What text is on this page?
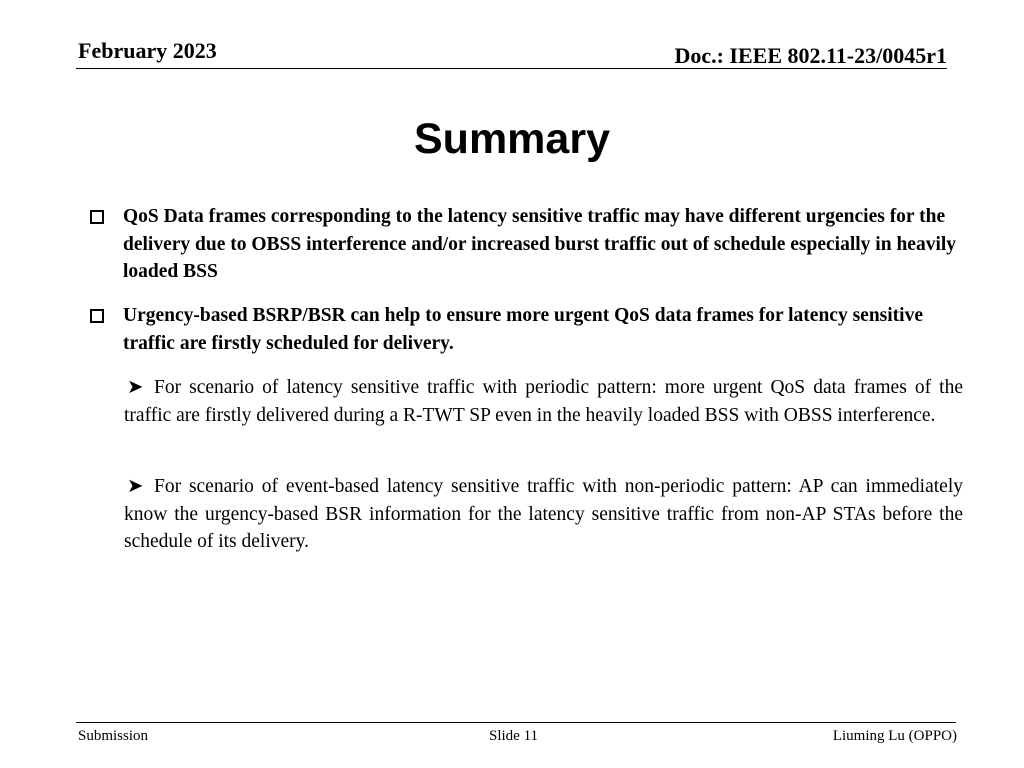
February 2023	Doc.: IEEE 802.11-23/0045r1
Summary
QoS Data frames corresponding to the latency sensitive traffic may have different urgencies for the delivery due to OBSS interference and/or increased burst traffic out of schedule especially in heavily loaded BSS
Urgency-based BSRP/BSR can help to ensure more urgent QoS data frames for latency sensitive traffic are firstly scheduled for delivery.
➤ For scenario of latency sensitive traffic with periodic pattern: more urgent QoS data frames of the traffic are firstly delivered during a R-TWT SP even in the heavily loaded BSS with OBSS interference.
➤ For scenario of event-based latency sensitive traffic with non-periodic pattern: AP can immediately know the urgency-based BSR information for the latency sensitive traffic from non-AP STAs before the schedule of its delivery.
Submission	Slide 11	Liuming Lu (OPPO)
